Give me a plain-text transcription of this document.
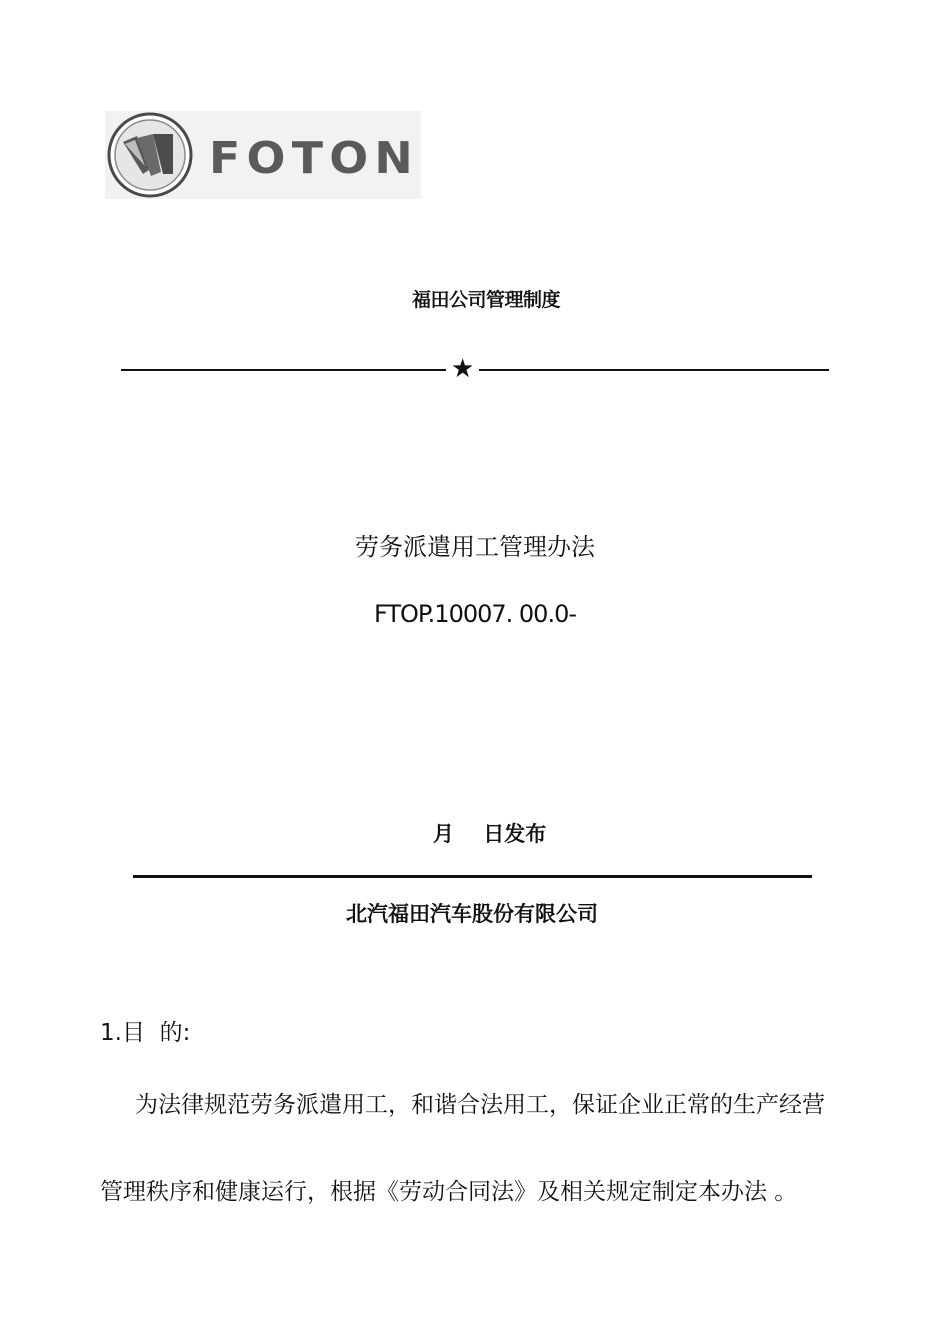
FOTON
福田公司管理制度
★
劳务派遣用工管理办法
FTOP.10007. 00.0-
月    日发布
北汽福田汽车股份有限公司
1.目  的:
为法律规范劳务派遣用工，和谐合法用工，保证企业正常的生产经营
管理秩序和健康运行，根据《劳动合同法》及相关规定制定本办法 。
